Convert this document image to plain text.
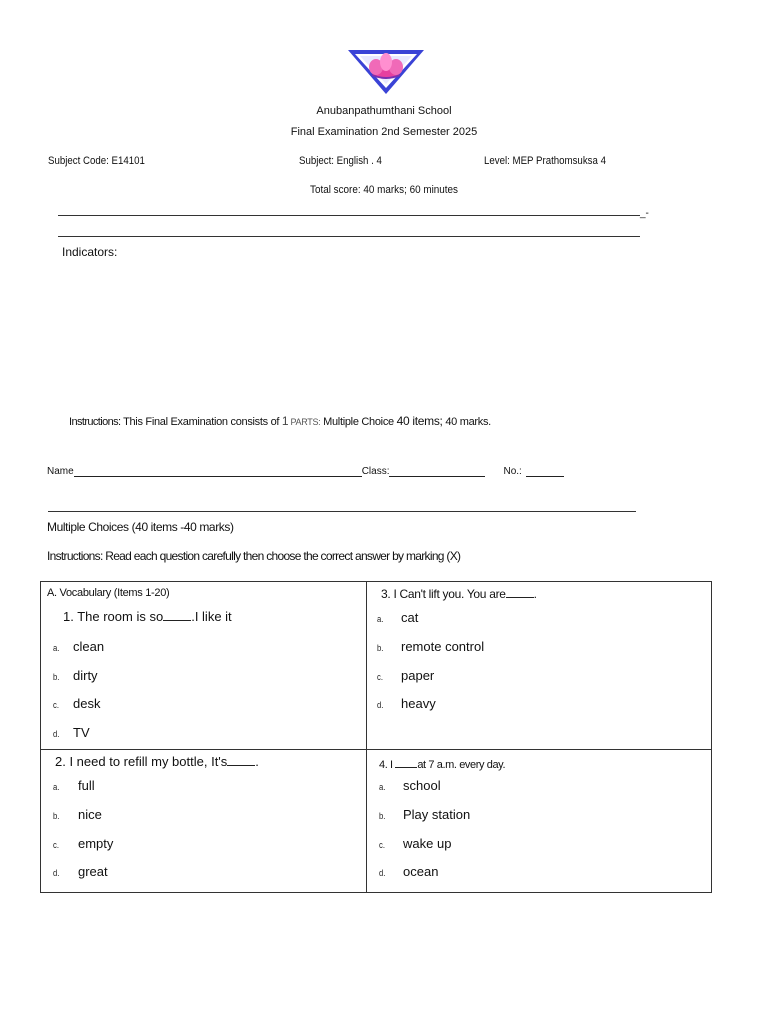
Anubanpathumthani School
Final Examination 2nd Semester 2025
Subject Code: E14101	Subject: English . 4	Level: MEP Prathomsuksa 4
Total score: 40 marks; 60 minutes
_-
Indicators:
Instructions: This Final Examination consists of 1 PARTS: Multiple Choice 40 items; 40 marks.
Name	Class:	No.:
Multiple Choices (40 items -40 marks)
Instructions: Read each question carefully then choose the correct answer by marking (X)
A. Vocabulary (Items 1-20)
1. The room is so .I like it
a. clean
b. dirty
c. desk
d. TV
3. I Can't lift you. You are .
a. cat
b. remote control
c. paper
d. heavy
2. I need to refill my bottle, It's .
a. full
b. nice
c. empty
d. great
4. I at 7 a.m. every day.
a. school
b. Play station
c. wake up
d. ocean
